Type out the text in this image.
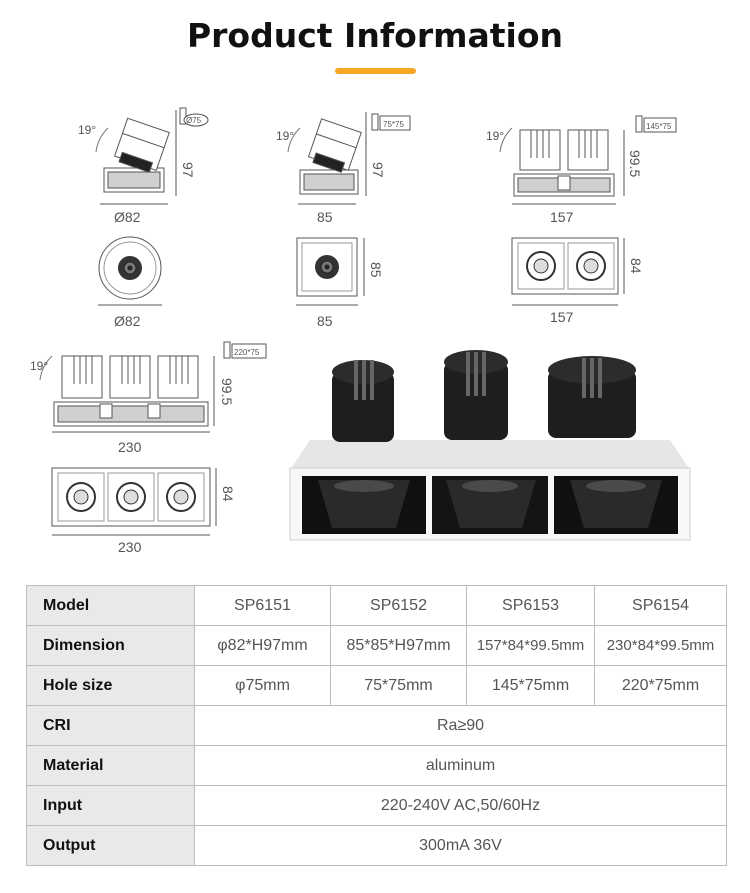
Product Information
19°
97
Ø82
Ø75
Ø82
19°
97
85
75*75
85
85
19°
99.5
157
145*75
84
157
19°
99.5
230
220*75
84
230
Model	SP6151	SP6152	SP6153	SP6154
Dimension	φ82*H97mm	85*85*H97mm	157*84*99.5mm	230*84*99.5mm
Hole size	φ75mm	75*75mm	145*75mm	220*75mm
CRI	Ra≥90			
Material	aluminum			
Input	220-240V AC,50/60Hz			
Output	300mA 36V			
